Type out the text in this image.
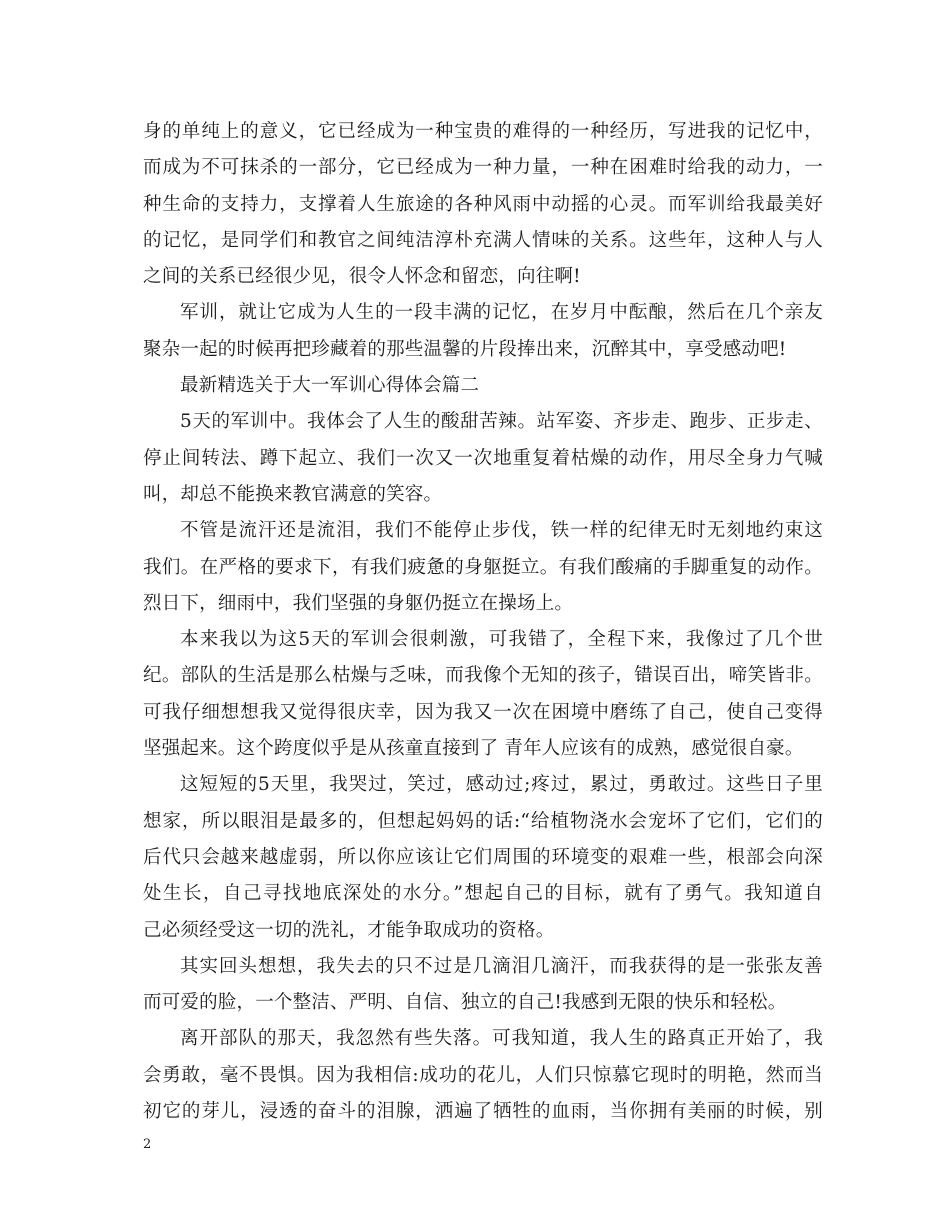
身的单纯上的意义，它已经成为一种宝贵的难得的一种经历，写进我的记忆中，
而成为不可抹杀的一部分，它已经成为一种力量，一种在困难时给我的动力，一
种生命的支持力，支撑着人生旅途的各种风雨中动摇的心灵。而军训给我最美好
的记忆，是同学们和教官之间纯洁淳朴充满人情味的关系。这些年，这种人与人
之间的关系已经很少见，很令人怀念和留恋，向往啊!
军训，就让它成为人生的一段丰满的记忆，在岁月中酝酿，然后在几个亲友
聚杂一起的时候再把珍藏着的那些温馨的片段捧出来，沉醉其中，享受感动吧!
最新精选关于大一军训心得体会篇二
5天的军训中。我体会了人生的酸甜苦辣。站军姿、齐步走、跑步、正步走、
停止间转法、蹲下起立、我们一次又一次地重复着枯燥的动作，用尽全身力气喊
叫，却总不能换来教官满意的笑容。
不管是流汗还是流泪，我们不能停止步伐，铁一样的纪律无时无刻地约束这
我们。在严格的要求下，有我们疲惫的身躯挺立。有我们酸痛的手脚重复的动作。
烈日下，细雨中，我们坚强的身躯仍挺立在操场上。
本来我以为这5天的军训会很刺激，可我错了，全程下来，我像过了几个世
纪。部队的生活是那么枯燥与乏味，而我像个无知的孩子，错误百出，啼笑皆非。
可我仔细想想我又觉得很庆幸，因为我又一次在困境中磨练了自己，使自己变得
坚强起来。这个跨度似乎是从孩童直接到了 青年人应该有的成熟，感觉很自豪。
这短短的5天里，我哭过，笑过，感动过;疼过，累过，勇敢过。这些日子里
想家，所以眼泪是最多的，但想起妈妈的话:“给植物浇水会宠坏了它们，它们的
后代只会越来越虚弱，所以你应该让它们周围的环境变的艰难一些，根部会向深
处生长，自己寻找地底深处的水分。”想起自己的目标，就有了勇气。我知道自
己必须经受这一切的洗礼，才能争取成功的资格。
其实回头想想，我失去的只不过是几滴泪几滴汗，而我获得的是一张张友善
而可爱的脸，一个整洁、严明、自信、独立的自己!我感到无限的快乐和轻松。
离开部队的那天，我忽然有些失落。可我知道，我人生的路真正开始了，我
会勇敢，毫不畏惧。因为我相信:成功的花儿，人们只惊慕它现时的明艳，然而当
初它的芽儿，浸透的奋斗的泪腺，洒遍了牺牲的血雨，当你拥有美丽的时候，别
2
